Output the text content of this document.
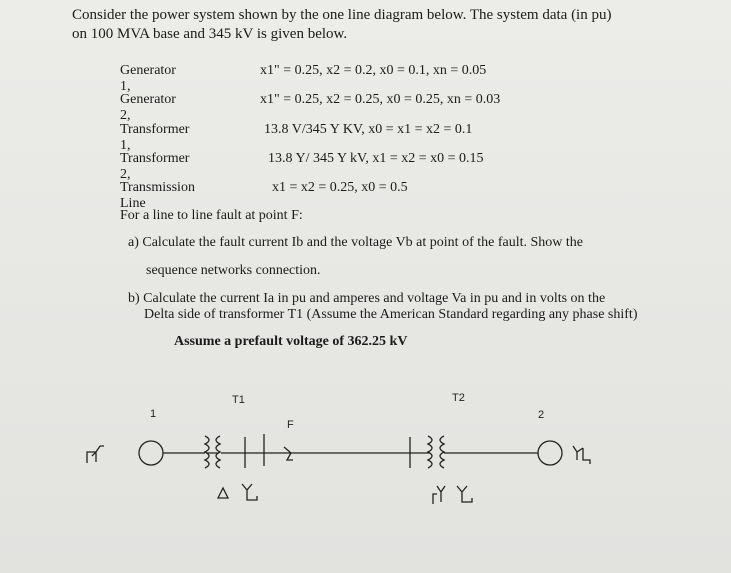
Consider the power system shown by the one line diagram below. The system data (in pu)
on 100 MVA base and 345 kV is given below.
Generator 1,
x1" = 0.25, x2 = 0.2, x0 = 0.1, xn = 0.05
Generator 2,
x1" = 0.25, x2 = 0.25, x0 = 0.25, xn = 0.03
Transformer 1,
13.8 V/345 Y KV, x0 = x1 = x2 = 0.1
Transformer 2,
13.8 Y/ 345 Y kV, x1 = x2 = x0 = 0.15
Transmission Line
x1 = x2 = 0.25, x0 = 0.5
For a line to line fault at point F:
a) Calculate the fault current Ib and the voltage Vb at point of the fault. Show the
sequence networks connection.
b) Calculate the current Ia in pu and amperes and voltage Va in pu and in volts on the
Delta side of transformer T1 (Assume the American Standard regarding any phase shift)
Assume a prefault voltage of 362.25 kV
T1	T2
1	2
F
